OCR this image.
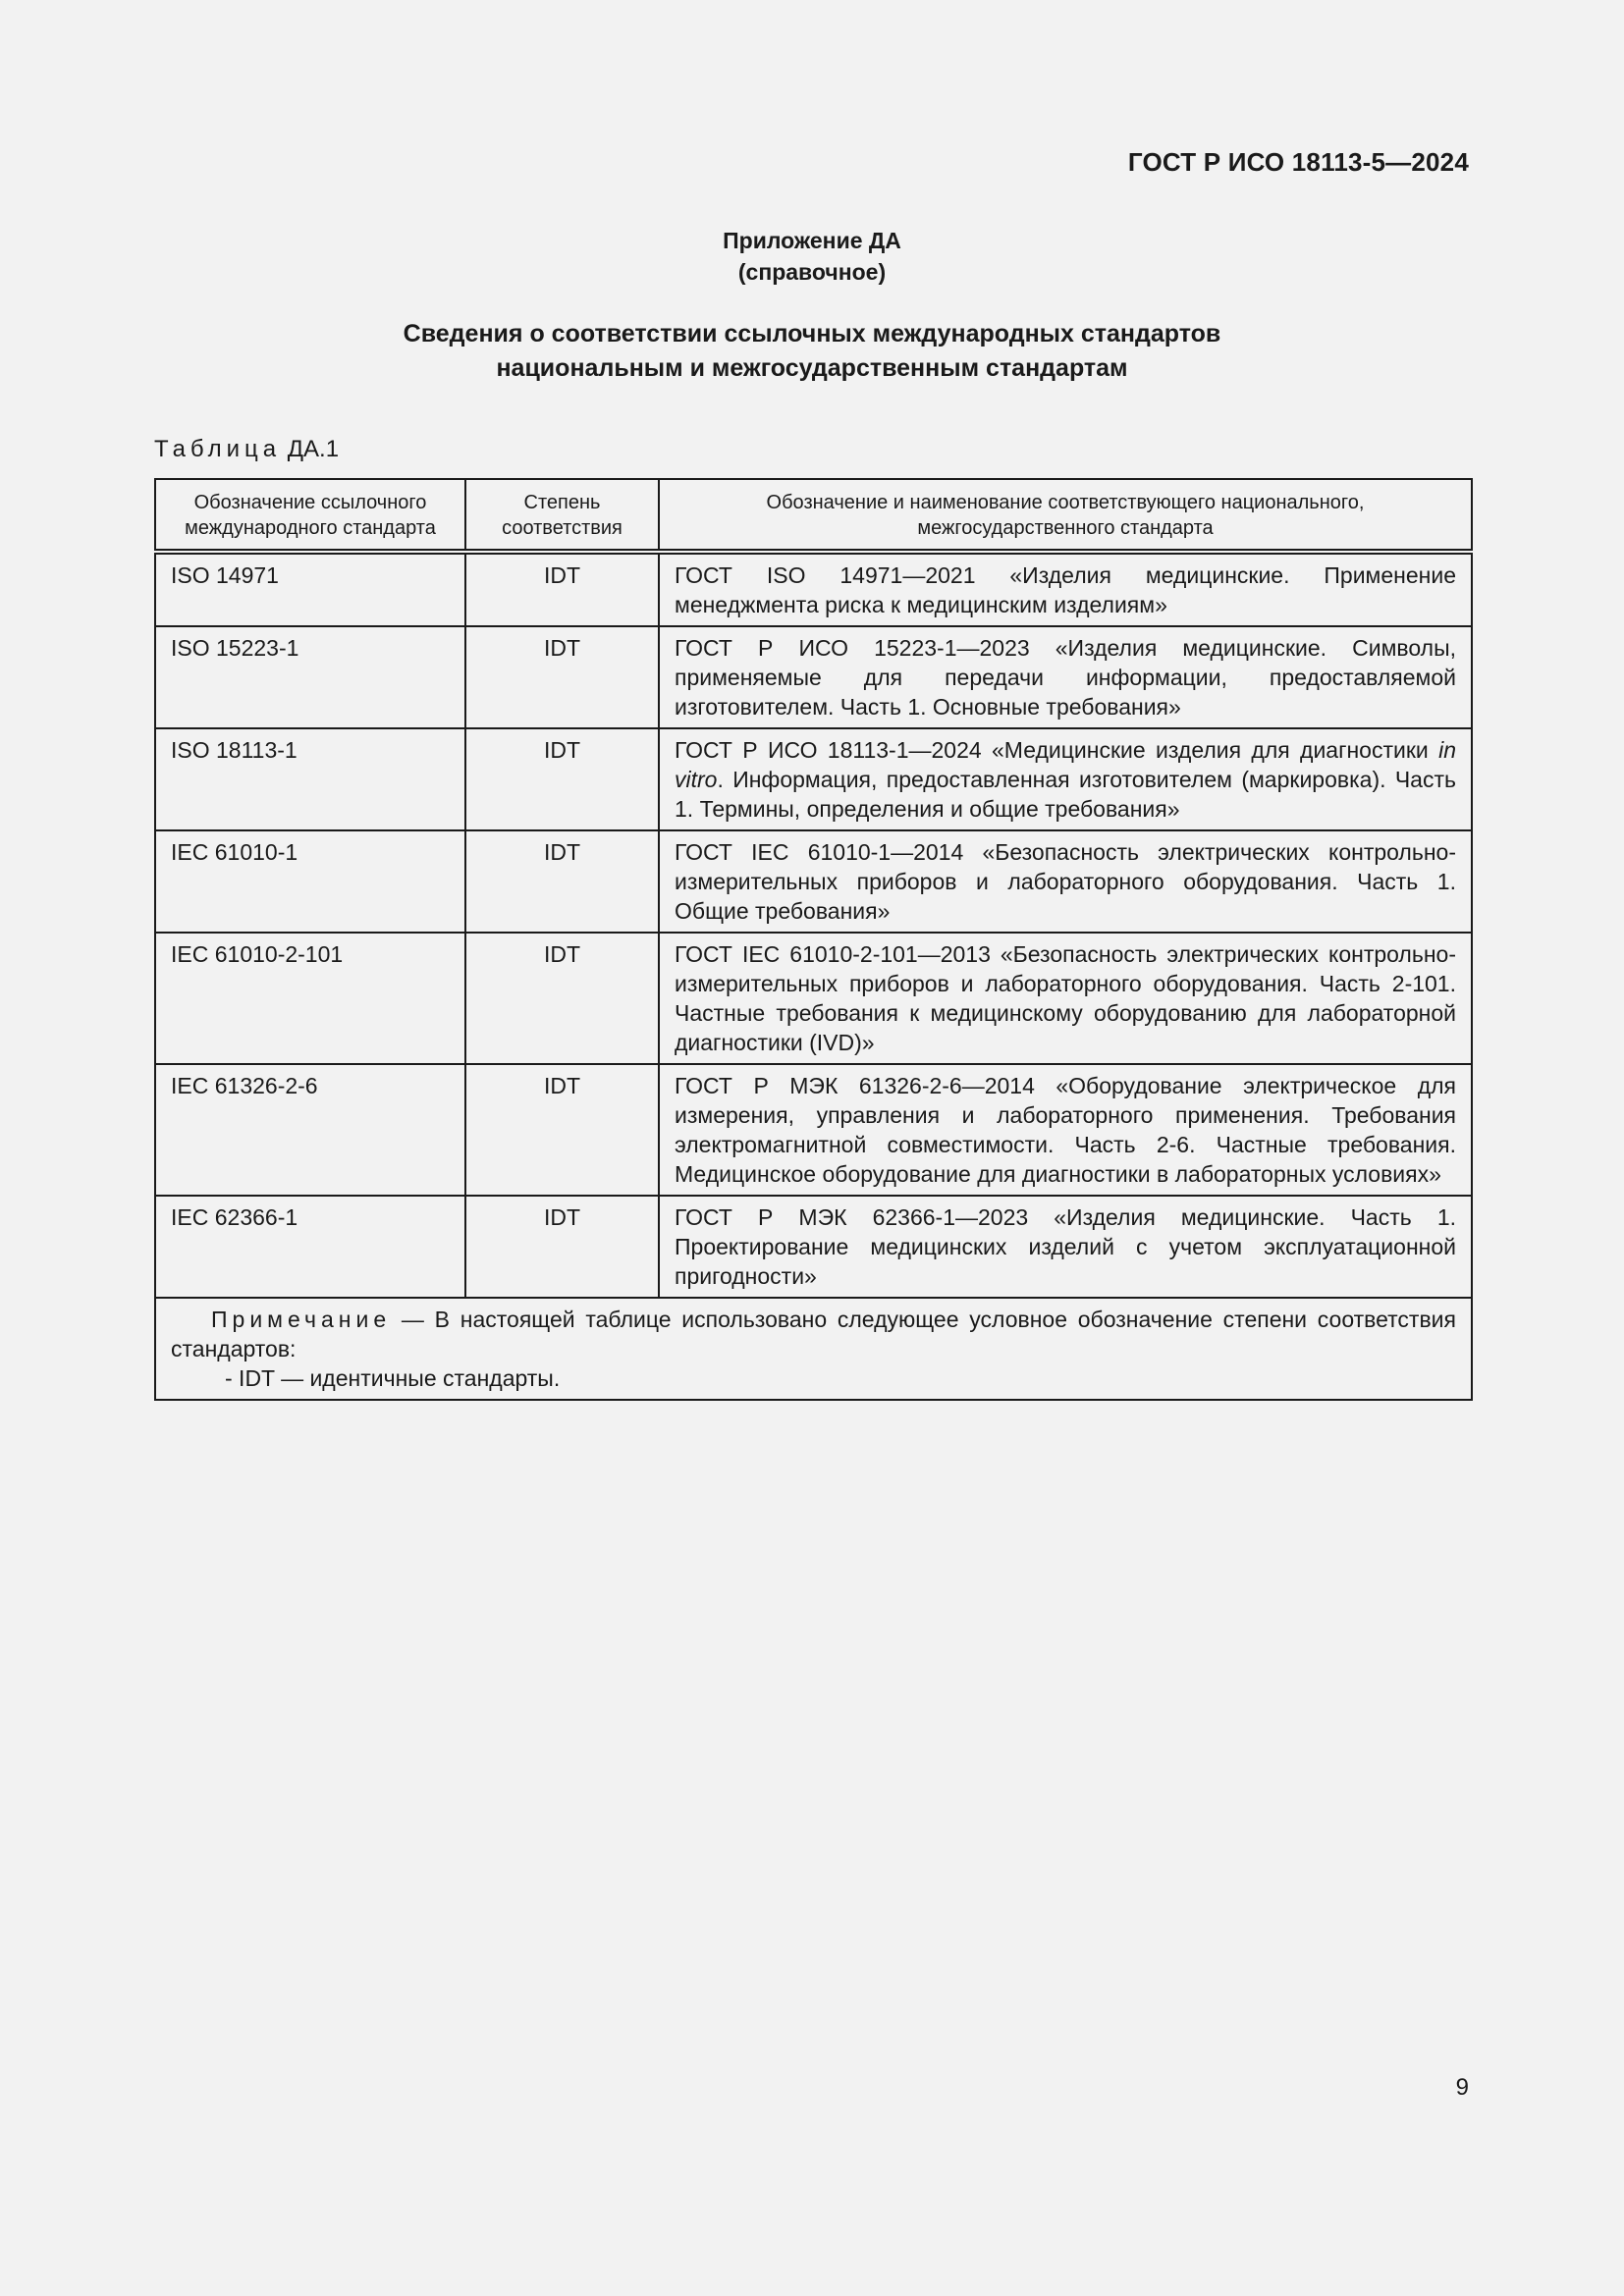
ГОСТ Р ИСО 18113-5—2024
Приложение ДА
(справочное)
Сведения о соответствии ссылочных международных стандартов
национальным и межгосударственным стандартам
Таблица ДА.1
Обозначение ссылочного международного стандарта	Степень соответствия	Обозначение и наименование соответствующего национального, межгосударственного стандарта
ISO 14971	IDT	ГОСТ ISO 14971—2021 «Изделия медицинские. Применение менеджмента риска к медицинским изделиям»
ISO 15223-1	IDT	ГОСТ Р ИСО 15223-1—2023 «Изделия медицинские. Символы, применяемые для передачи информации, предоставляемой изготовителем. Часть 1. Основные требования»
ISO 18113-1	IDT	ГОСТ Р ИСО 18113-1—2024 «Медицинские изделия для диагностики in vitro. Информация, предоставленная изготовителем (маркировка). Часть 1. Термины, определения и общие требования»
IEC 61010-1	IDT	ГОСТ IEC 61010-1—2014 «Безопасность электрических контрольно-измерительных приборов и лабораторного оборудования. Часть 1. Общие требования»
IEC 61010-2-101	IDT	ГОСТ IEC 61010-2-101—2013 «Безопасность электрических контрольно-измерительных приборов и лабораторного оборудования. Часть 2-101. Частные требования к медицинскому оборудованию для лабораторной диагностики (IVD)»
IEC 61326-2-6	IDT	ГОСТ Р МЭК 61326-2-6—2014 «Оборудование электрическое для измерения, управления и лабораторного применения. Требования электромагнитной совместимости. Часть 2-6. Частные требования. Медицинское оборудование для диагностики в лабораторных условиях»
IEC 62366-1	IDT	ГОСТ Р МЭК 62366-1—2023 «Изделия медицинские. Часть 1. Проектирование медицинских изделий с учетом эксплуатационной пригодности»

Примечание — В настоящей таблице использовано следующее условное обозначение степени соответствия стандартов:
- IDT — идентичные стандарты.		
9
